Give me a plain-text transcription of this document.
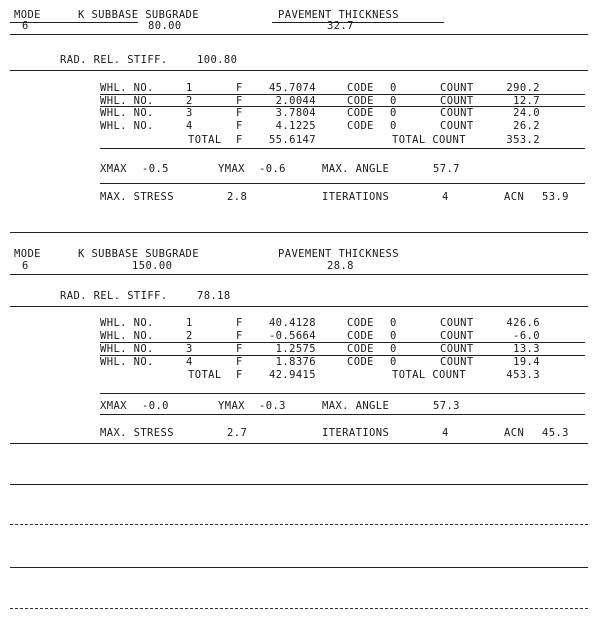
MODE	K SUBBASE SUBGRADE	PAVEMENT THICKNESS
6	80.00	32.7
RAD. REL. STIFF.	100.80
WHL. NO.	1	F	45.7074	CODE 0	COUNT	290.2
WHL. NO.	2	F	2.0044	CODE 0	COUNT	12.7
WHL. NO.	3	F	3.7804	CODE 0	COUNT	24.0
WHL. NO.	4	F	4.1225	CODE 0	COUNT	26.2
TOTAL F	55.6147	TOTAL COUNT	353.2
XMAX -0.5	YMAX -0.6	MAX. ANGLE	57.7
MAX. STRESS	2.8	ITERATIONS	4	ACN 53.9
MODE	K SUBBASE SUBGRADE	PAVEMENT THICKNESS
6	150.00	28.8
RAD. REL. STIFF.	78.18
WHL. NO.	1	F	40.4128	CODE 0	COUNT	426.6
WHL. NO.	2	F	-0.5664	CODE 0	COUNT	-6.0
WHL. NO.	3	F	1.2575	CODE 0	COUNT	13.3
WHL. NO.	4	F	1.8376	CODE 0	COUNT	19.4
TOTAL F	42.9415	TOTAL COUNT	453.3
XMAX -0.0	YMAX -0.3	MAX. ANGLE	57.3
MAX. STRESS	2.7	ITERATIONS	4	ACN 45.3
